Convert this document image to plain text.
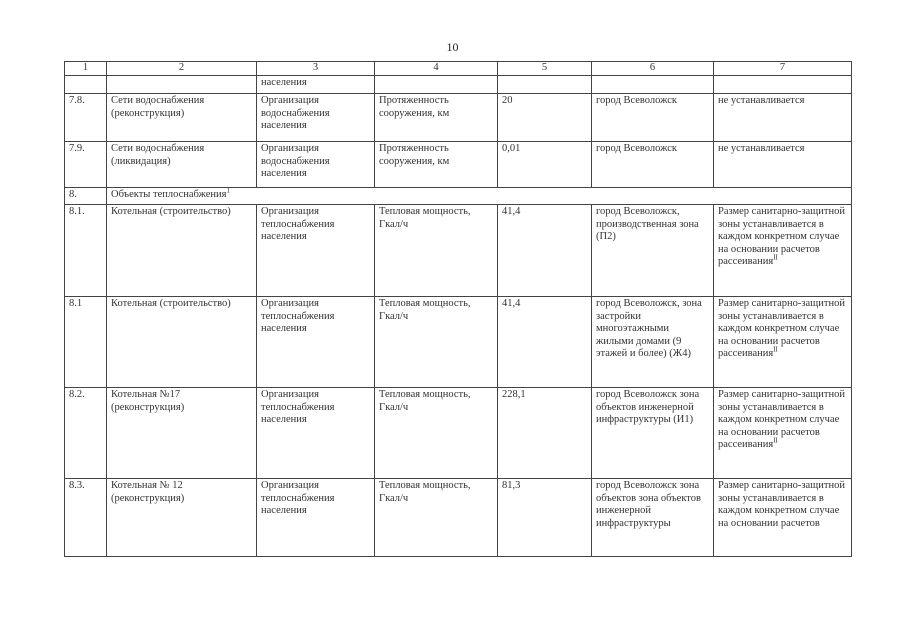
10
1	2	3	4	5	6	7
		населения				
7.8.	Сети водоснабжения (реконструкция)	Организация водоснабжения населения	Протяженность сооружения, км	20	город Всеволожск	не устанавливается
7.9.	Сети водоснабжения (ликвидация)	Организация водоснабжения населения	Протяженность сооружения, км	0,01	город Всеволожск	не устанавливается
8.	Объекты теплоснабжения$^1$
8.1.	Котельная (строительство)	Организация теплоснабжения населения	Тепловая мощность, Гкал/ч	41,4	город Всеволожск, производственная зона (П2)	Размер санитарно-защитной зоны устанавливается в каждом конкретном случае на основании расчетов рассеивания$^{II}$
8.1	Котельная (строительство)	Организация теплоснабжения населения	Тепловая мощность, Гкал/ч	41,4	город Всеволожск, зона застройки многоэтажными жилыми домами (9 этажей и более) (Ж4)	Размер санитарно-защитной зоны устанавливается в каждом конкретном случае на основании расчетов рассеивания$^{II}$
8.2.	Котельная №17 (реконструкция)	Организация теплоснабжения населения	Тепловая мощность, Гкал/ч	228,1	город Всеволожск зона объектов инженерной инфраструктуры (И1)	Размер санитарно-защитной зоны устанавливается в каждом конкретном случае на основании расчетов рассеивания$^{II}$
8.3.	Котельная № 12 (реконструкция)	Организация теплоснабжения населения	Тепловая мощность, Гкал/ч	81,3	город Всеволожск зона объектов зона объектов инженерной инфраструктуры	Размер санитарно-защитной зоны устанавливается в каждом конкретном случае на основании расчетов
